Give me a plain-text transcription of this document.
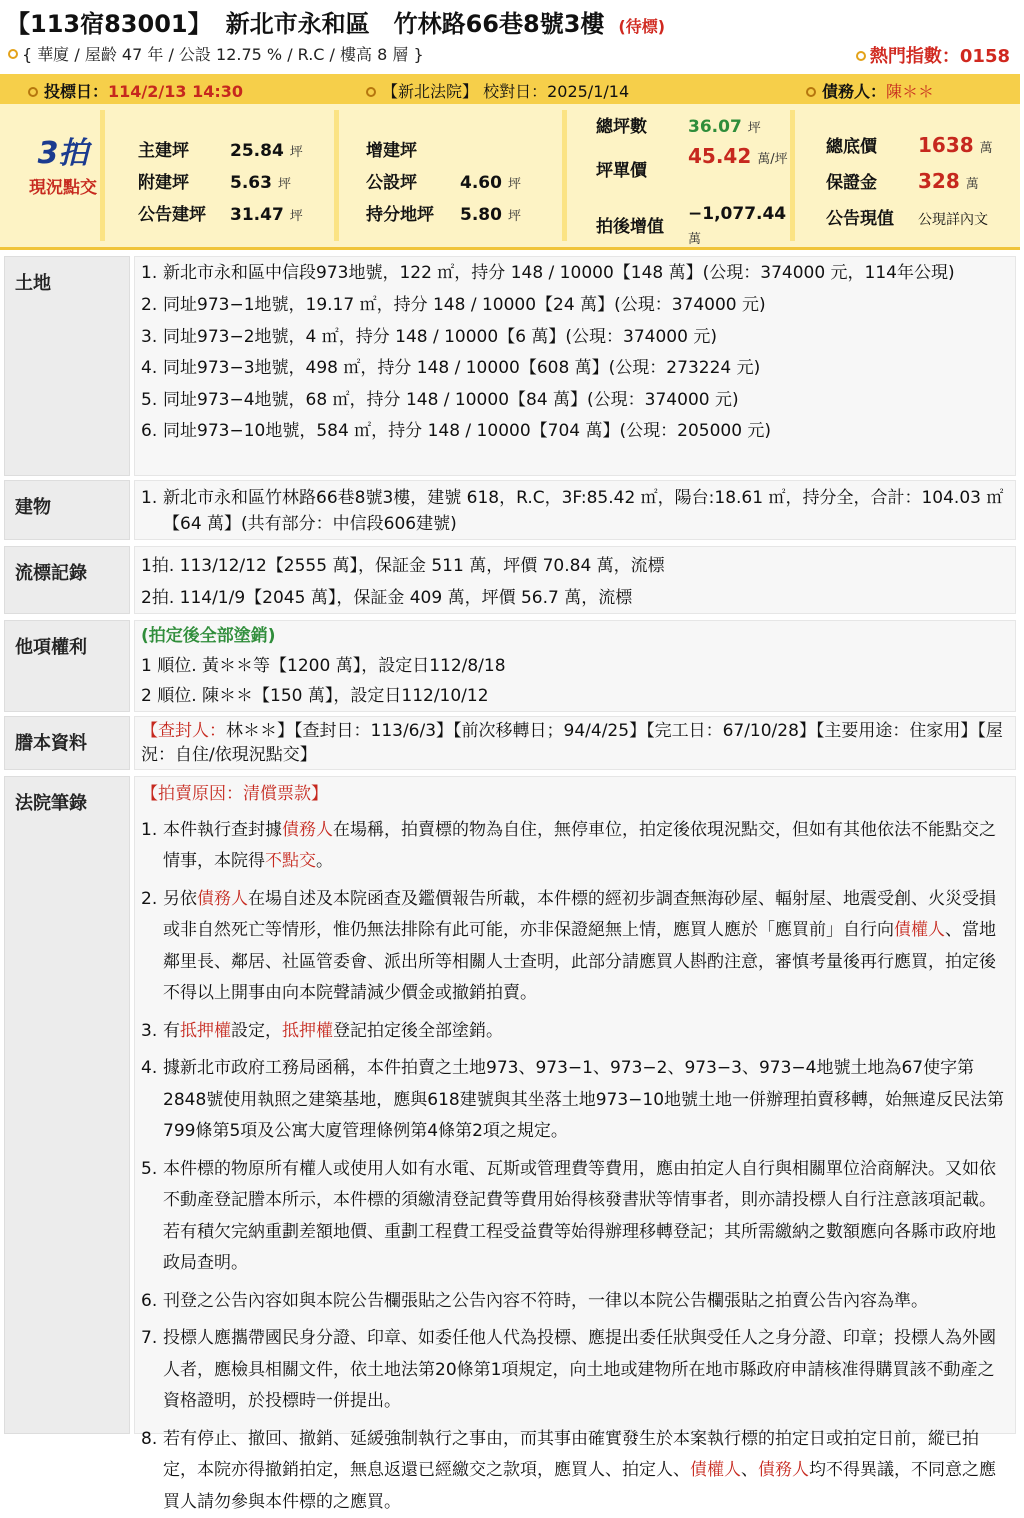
【113宿83001】 新北市永和區　竹林路66巷8號3樓 (待標)
{ 華廈 / 屋齡 47 年 / 公設 12.75 % / R.C / 樓高 8 層 }	熱門指數：0158
投標日：114/2/13 14:30	【新北法院】 校對日：2025/1/14	債務人：陳＊＊
3拍
現況點交
主建坪 25.84 坪
附建坪 5.63 坪
公告建坪 31.47 坪
增建坪
公設坪	4.60 坪
持分地坪 5.80 坪
總坪數 36.07 坪
坪單價
45.42 萬/坪
拍後增值
−1,077.44
萬
總底價 1638 萬
保證金 328 萬
公告現值 公現詳內文
土地	1. 新北市永和區中信段973地號，122 ㎡，持分 148 / 10000【148 萬】(公現：374000 元，114年公現)
2. 同址973−1地號，19.17 ㎡，持分 148 / 10000【24 萬】(公現：374000 元)
3. 同址973−2地號，4 ㎡，持分 148 / 10000【6 萬】(公現：374000 元)
4. 同址973−3地號，498 ㎡，持分 148 / 10000【608 萬】(公現：273224 元)
5. 同址973−4地號，68 ㎡，持分 148 / 10000【84 萬】(公現：374000 元)
6. 同址973−10地號，584 ㎡，持分 148 / 10000【704 萬】(公現：205000 元)
建物	1. 新北市永和區竹林路66巷8號3樓，建號 618，R.C，3F:85.42 ㎡，陽台:18.61 ㎡，持分全，合計：104.03 ㎡【64 萬】(共有部分：中信段606建號)
流標記錄	1拍. 113/12/12【2555 萬】，保証金 511 萬，坪價 70.84 萬，流標
2拍. 114/1/9【2045 萬】，保証金 409 萬，坪價 56.7 萬，流標
他項權利
(拍定後全部塗銷)
1 順位. 黃＊＊等【1200 萬】，設定日112/8/18
2 順位. 陳＊＊【150 萬】，設定日112/10/12
謄本資料
【查封人：林＊＊】【查封日：113/6/3】【前次移轉日；94/4/25】【完工日：67/10/28】【主要用途：住家用】【屋況：自住/依現況點交】
法院筆錄	【拍賣原因：清償票款】
1. 本件執行查封據債務人在場稱，拍賣標的物為自住，無停車位，拍定後依現況點交，但如有其他依法不能點交之情事，本院得不點交。
2. 另依債務人在場自述及本院函查及鑑價報告所載，本件標的經初步調查無海砂屋、輻射屋、地震受創、火災受損或非自然死亡等情形，惟仍無法排除有此可能，亦非保證絕無上情，應買人應於「應買前」自行向債權人、當地鄰里長、鄰居、社區管委會、派出所等相關人士查明，此部分請應買人斟酌注意，審慎考量後再行應買，拍定後不得以上開事由向本院聲請減少價金或撤銷拍賣。
3. 有抵押權設定，抵押權登記拍定後全部塗銷。
4. 據新北市政府工務局函稱，本件拍賣之土地973、973−1、973−2、973−3、973−4地號土地為67使字第2848號使用執照之建築基地，應與618建號與其坐落土地973−10地號土地一併辦理拍賣移轉，始無違反民法第799條第5項及公寓大廈管理條例第4條第2項之規定。
5. 本件標的物原所有權人或使用人如有水電、瓦斯或管理費等費用，應由拍定人自行與相關單位洽商解決。又如依不動產登記謄本所示，本件標的須繳清登記費等費用始得核發書狀等情事者，則亦請投標人自行注意該項記載。若有積欠完納重劃差額地價、重劃工程費工程受益費等始得辦理移轉登記；其所需繳納之數額應向各縣市政府地政局查明。
6. 刊登之公告內容如與本院公告欄張貼之公告內容不符時，一律以本院公告欄張貼之拍賣公告內容為準。
7. 投標人應攜帶國民身分證、印章、如委任他人代為投標、應提出委任狀與受任人之身分證、印章；投標人為外國人者，應檢具相關文件，依土地法第20條第1項規定，向土地或建物所在地市縣政府申請核准得購買該不動產之資格證明，於投標時一併提出。
8. 若有停止、撤回、撤銷、延緩強制執行之事由，而其事由確實發生於本案執行標的拍定日或拍定日前，縱已拍定，本院亦得撤銷拍定，無息返還已經繳交之款項，應買人、拍定人、債權人、債務人均不得異議，不同意之應買人請勿參與本件標的之應買。
